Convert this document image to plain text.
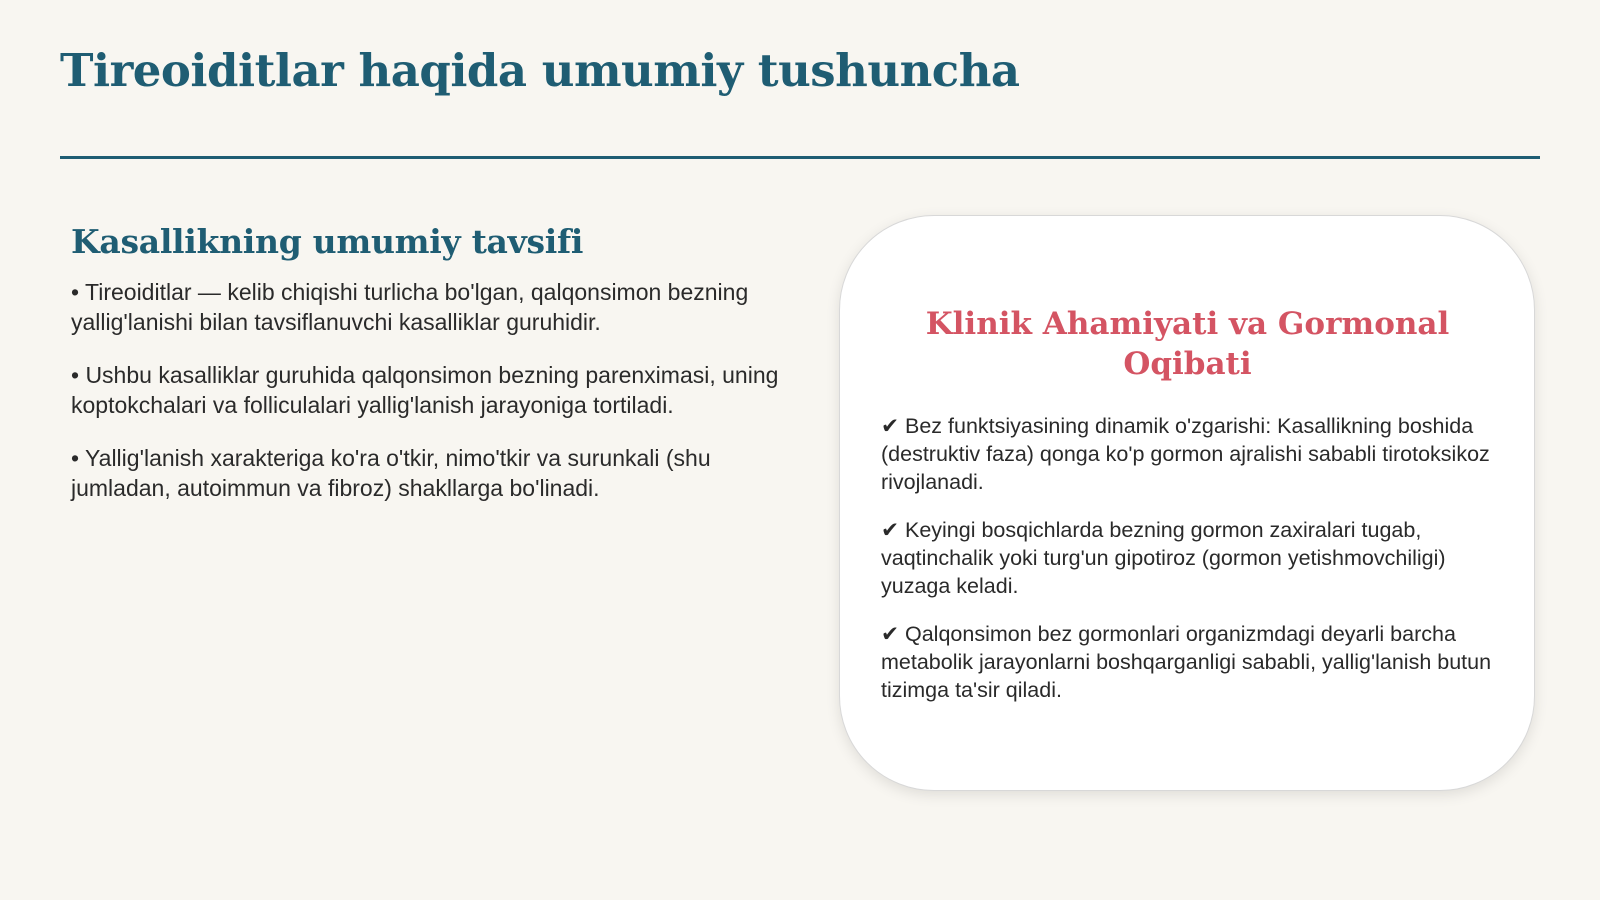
Tireoiditlar haqida umumiy tushuncha
Kasallikning umumiy tavsifi
• Tireoiditlar — kelib chiqishi turlicha bo'lgan, qalqonsimon bezning yallig'lanishi bilan tavsiflanuvchi kasalliklar guruhidir.
• Ushbu kasalliklar guruhida qalqonsimon bezning parenximasi, uning koptokchalari va folliculalari yallig'lanish jarayoniga tortiladi.
• Yallig'lanish xarakteriga ko'ra o'tkir, nimo'tkir va surunkali (shu jumladan, autoimmun va fibroz) shakllarga bo'linadi.
Klinik Ahamiyati va Gormonal Oqibati
✔ Bez funktsiyasining dinamik o'zgarishi: Kasallikning boshida (destruktiv faza) qonga ko'p gormon ajralishi sababli tirotoksikoz rivojlanadi.
✔ Keyingi bosqichlarda bezning gormon zaxiralari tugab, vaqtinchalik yoki turg'un gipotiroz (gormon yetishmovchiligi) yuzaga keladi.
✔ Qalqonsimon bez gormonlari organizmdagi deyarli barcha metabolik jarayonlarni boshqarganligi sababli, yallig'lanish butun tizimga ta'sir qiladi.
